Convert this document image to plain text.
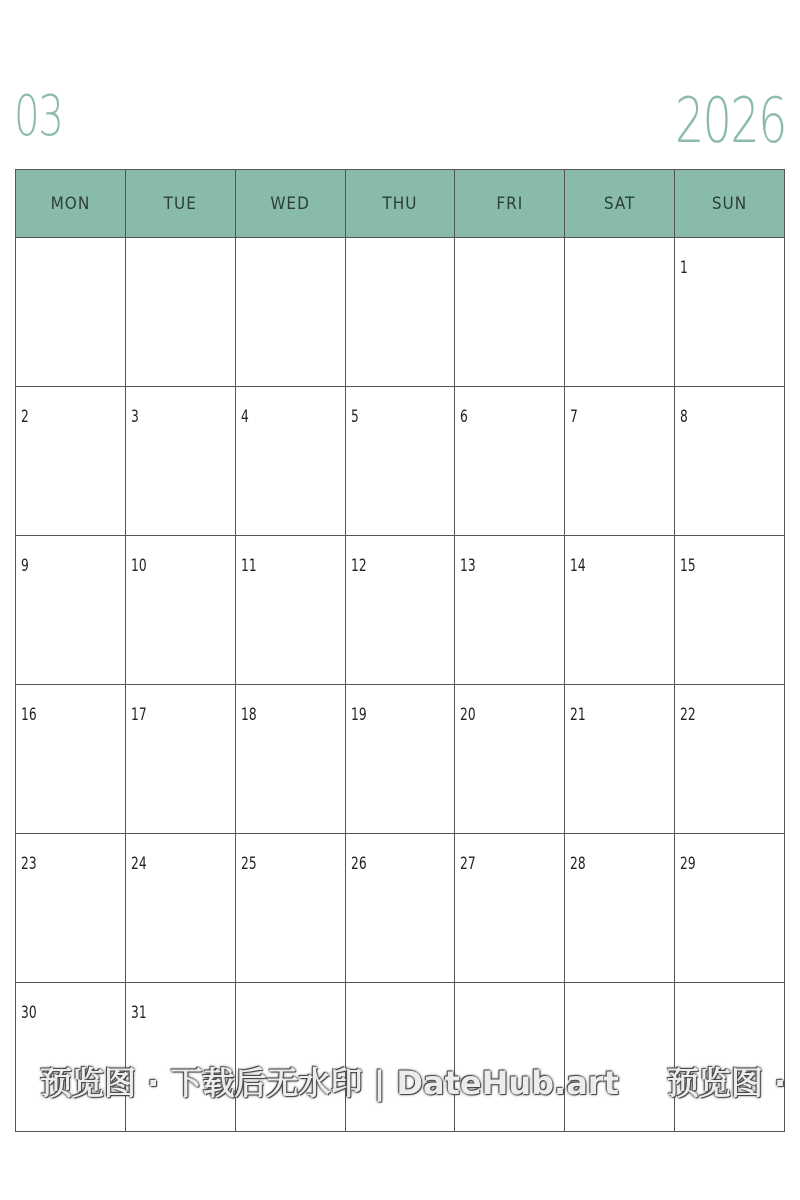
03	2026
MON	TUE	WED	THU	FRI	SAT	SUN

						1

2	3	4	5	6	7	8

9	10	11	12	13	14	15

16	17	18	19	20	21	22

23	24	25	26	27	28	29

30	31					

预览图 · 下载后无水印 | DateHub.art 预览图 ·
